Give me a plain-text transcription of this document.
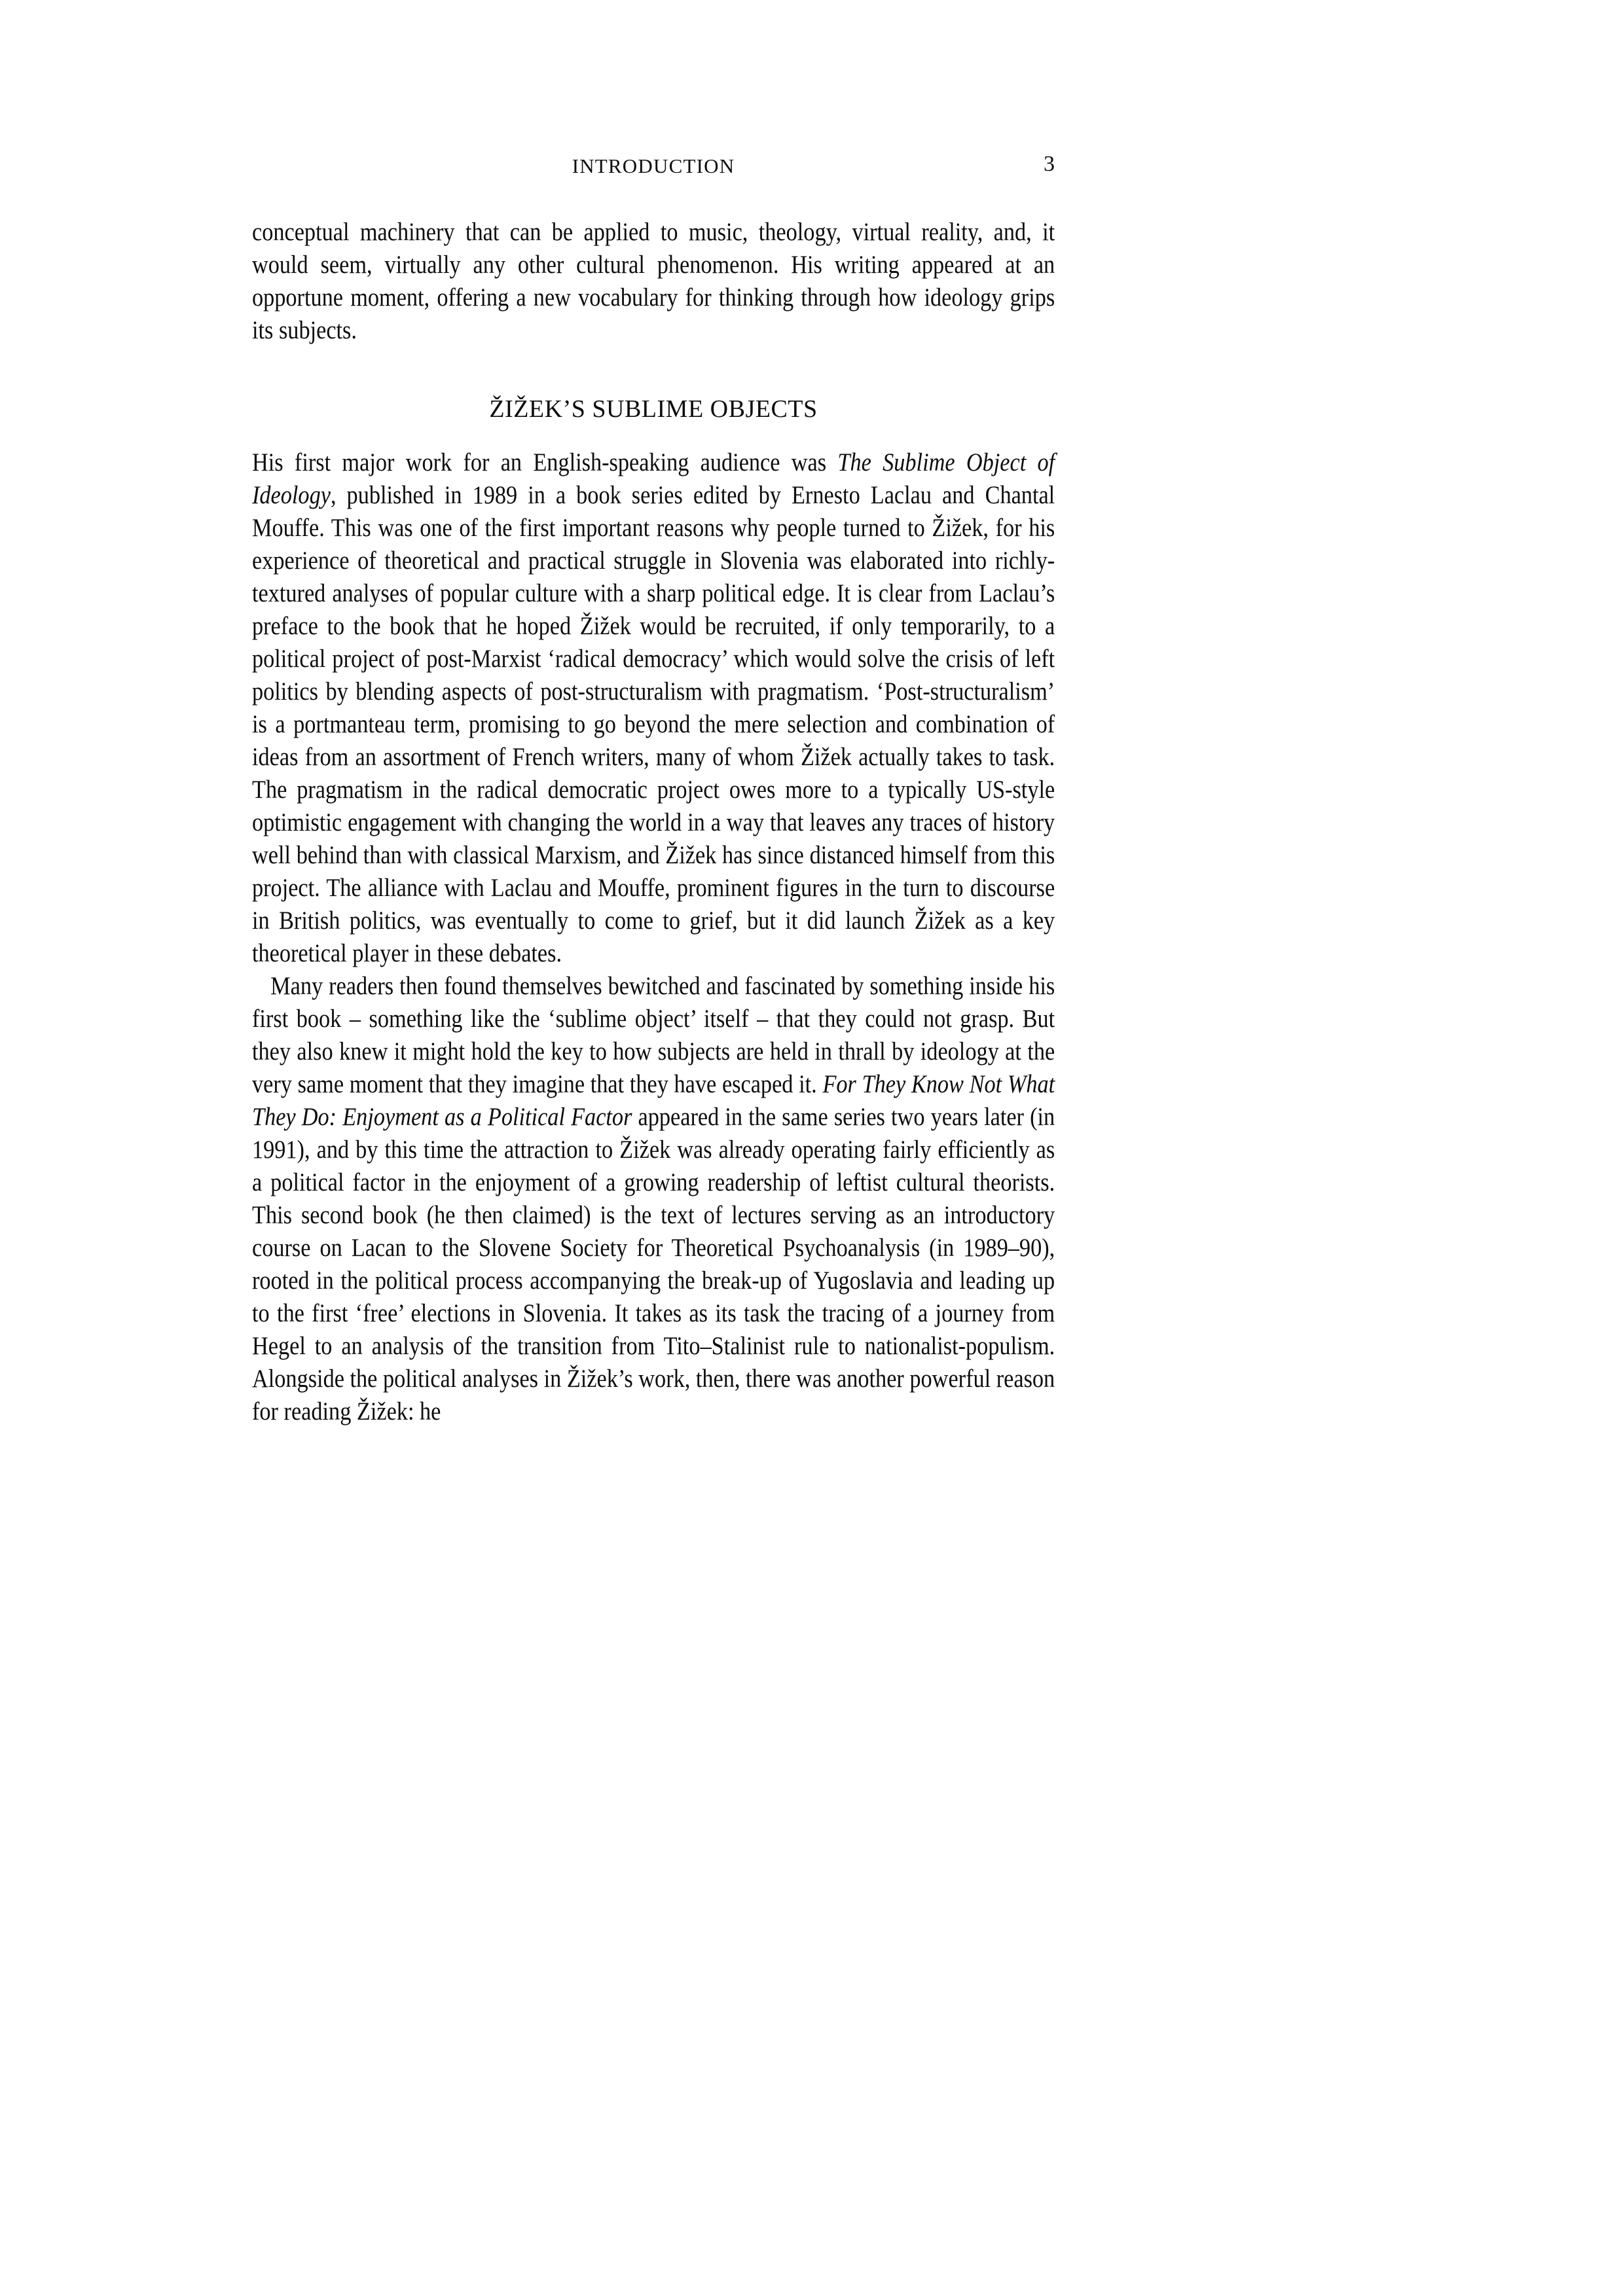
INTRODUCTION	3

conceptual machinery that can be applied to music, theology, virtual reality, and, it would seem, virtually any other cultural phenomenon. His writing appeared at an opportune moment, offering a new vocabulary for thinking through how ideology grips its subjects.

ŽIŽEK’S SUBLIME OBJECTS

His first major work for an English-speaking audience was The Sublime Object of Ideology, published in 1989 in a book series edited by Ernesto Laclau and Chantal Mouffe. This was one of the first important reasons why people turned to Žižek, for his experience of theoretical and practical struggle in Slovenia was elaborated into richly-textured analyses of popular culture with a sharp political edge. It is clear from Laclau’s preface to the book that he hoped Žižek would be recruited, if only temporarily, to a political project of post-Marxist ‘radical democracy’ which would solve the crisis of left politics by blending aspects of post-structuralism with pragmatism. ‘Post-structuralism’ is a portmanteau term, promising to go beyond the mere selection and combination of ideas from an assortment of French writers, many of whom Žižek actually takes to task. The pragmatism in the radical democratic project owes more to a typically US-style optimistic engagement with changing the world in a way that leaves any traces of history well behind than with classical Marxism, and Žižek has since distanced himself from this project. The alliance with Laclau and Mouffe, prominent figures in the turn to discourse in British politics, was eventually to come to grief, but it did launch Žižek as a key theoretical player in these debates.

Many readers then found themselves bewitched and fascinated by something inside his first book – something like the ‘sublime object’ itself – that they could not grasp. But they also knew it might hold the key to how subjects are held in thrall by ideology at the very same moment that they imagine that they have escaped it. For They Know Not What They Do: Enjoyment as a Political Factor appeared in the same series two years later (in 1991), and by this time the attraction to Žižek was already operating fairly efficiently as a political factor in the enjoyment of a growing readership of leftist cultural theorists. This second book (he then claimed) is the text of lectures serving as an introductory course on Lacan to the Slovene Society for Theoretical Psychoanalysis (in 1989–90), rooted in the political process accompanying the break-up of Yugoslavia and leading up to the first ‘free’ elections in Slovenia. It takes as its task the tracing of a journey from Hegel to an analysis of the transition from Tito–Stalinist rule to nationalist-populism. Alongside the political analyses in Žižek’s work, then, there was another powerful reason for reading Žižek: he
